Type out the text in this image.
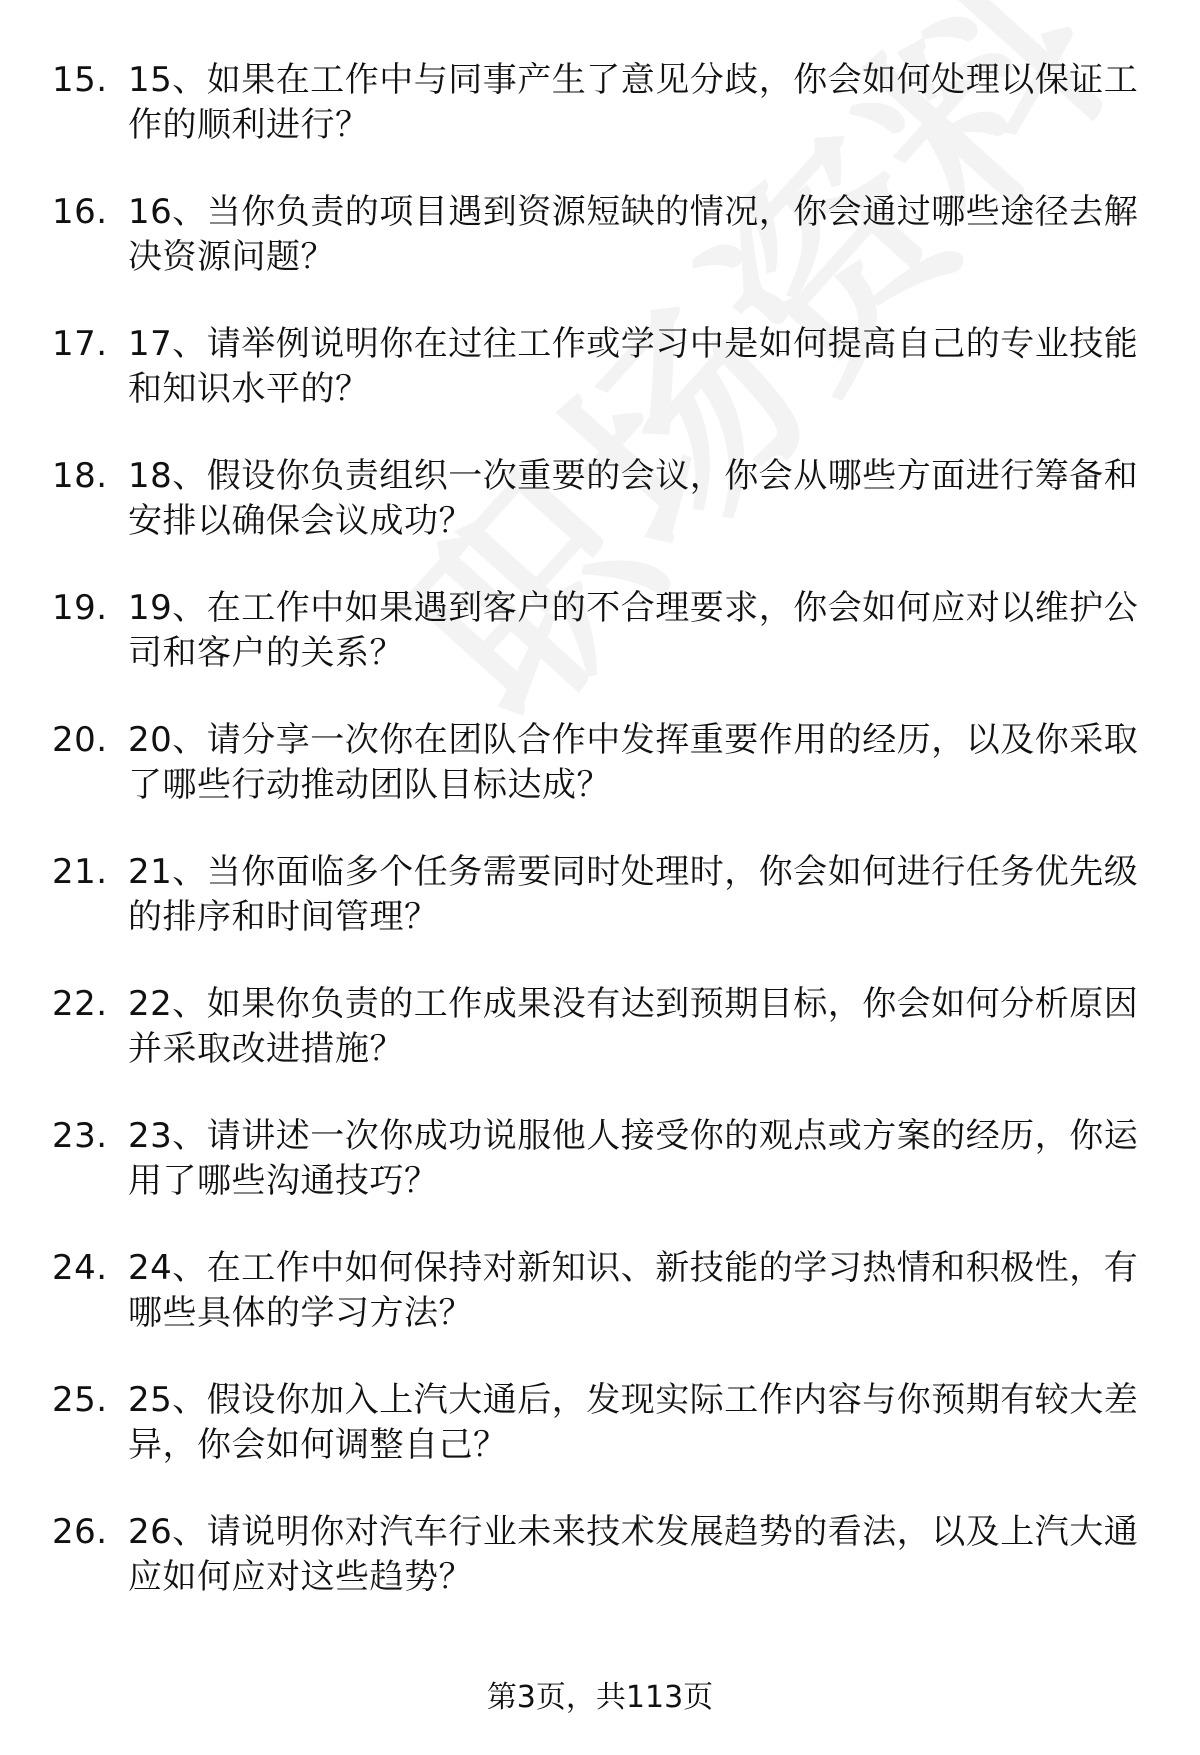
15. 15、如果在工作中与同事产生了意见分歧，你会如何处理以保证工作的顺利进行？
16. 16、当你负责的项目遇到资源短缺的情况，你会通过哪些途径去解决资源问题？
17. 17、请举例说明你在过往工作或学习中是如何提高自己的专业技能和知识水平的？
18. 18、假设你负责组织一次重要的会议，你会从哪些方面进行筹备和安排以确保会议成功？
19. 19、在工作中如果遇到客户的不合理要求，你会如何应对以维护公司和客户的关系？
20. 20、请分享一次你在团队合作中发挥重要作用的经历，以及你采取了哪些行动推动团队目标达成？
21. 21、当你面临多个任务需要同时处理时，你会如何进行任务优先级的排序和时间管理？
22. 22、如果你负责的工作成果没有达到预期目标，你会如何分析原因并采取改进措施？
23. 23、请讲述一次你成功说服他人接受你的观点或方案的经历，你运用了哪些沟通技巧？
24. 24、在工作中如何保持对新知识、新技能的学习热情和积极性，有哪些具体的学习方法？
25. 25、假设你加入上汽大通后，发现实际工作内容与你预期有较大差异，你会如何调整自己？
26. 26、请说明你对汽车行业未来技术发展趋势的看法，以及上汽大通应如何应对这些趋势？
第3页，共113页
